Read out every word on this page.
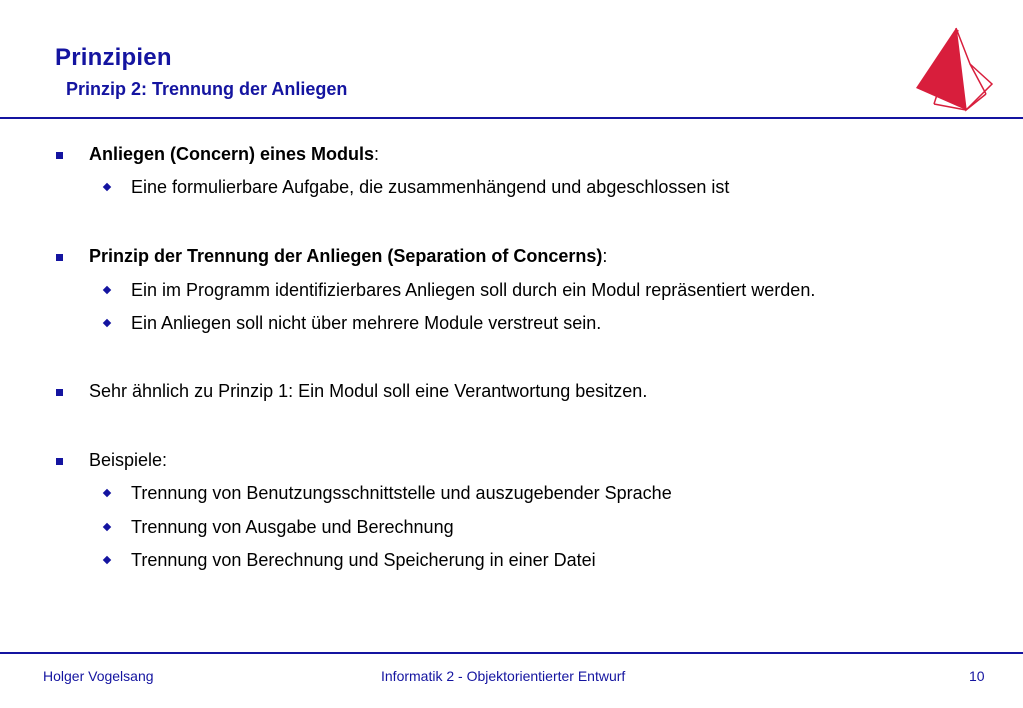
Prinzipien
Prinzip 2: Trennung der Anliegen
Anliegen (Concern) eines Moduls:
Eine formulierbare Aufgabe, die zusammenhängend und abgeschlossen ist
Prinzip der Trennung der Anliegen (Separation of Concerns):
Ein im Programm identifizierbares Anliegen soll durch ein Modul repräsentiert werden.
Ein Anliegen soll nicht über mehrere Module verstreut sein.
Sehr ähnlich zu Prinzip 1: Ein Modul soll eine Verantwortung besitzen.
Beispiele:
Trennung von Benutzungsschnittstelle und auszugebender Sprache
Trennung von Ausgabe und Berechnung
Trennung von Berechnung und Speicherung in einer Datei
Holger Vogelsang	Informatik 2 - Objektorientierter Entwurf	10
